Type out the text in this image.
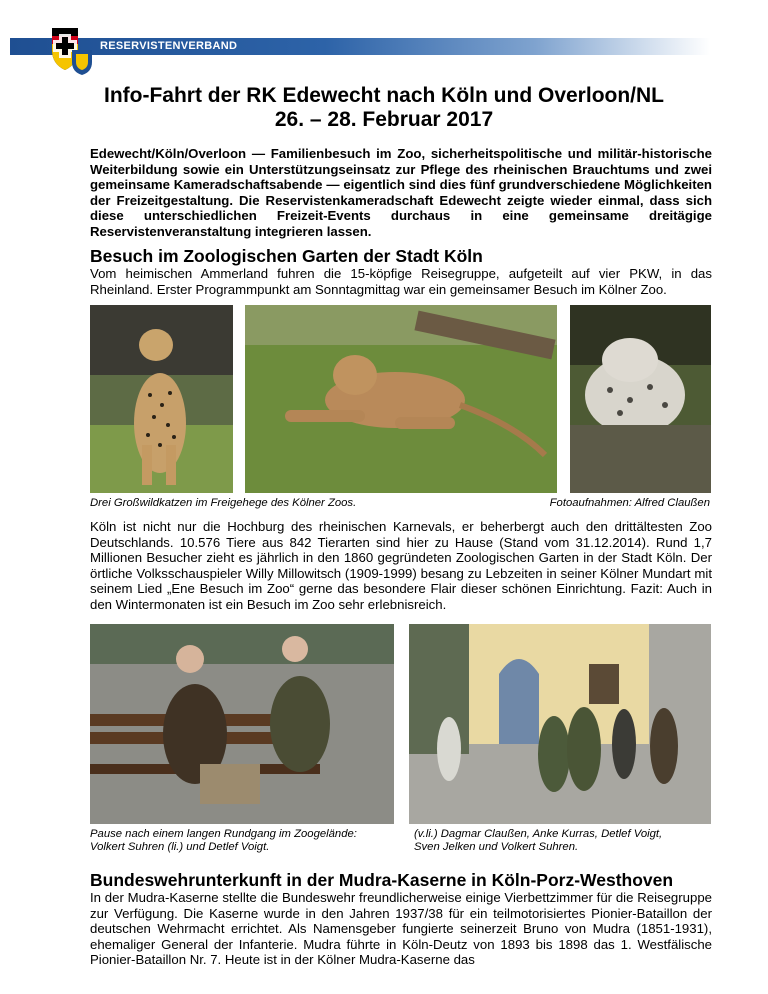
RESERVISTENVERBAND
Info-Fahrt der RK Edewecht nach Köln und Overloon/NL
26. – 28. Februar 2017

Edewecht/Köln/Overloon — Familienbesuch im Zoo, sicherheitspolitische und militär-historische Weiterbildung sowie ein Unterstützungseinsatz zur Pflege des rheinischen Brauchtums und zwei gemeinsame Kameradschaftsabende — eigentlich sind dies fünf grundverschiedene Möglichkeiten der Freizeitgestaltung. Die Reservistenkameradschaft Edewecht zeigte wieder einmal, dass sich diese unterschiedlichen Freizeit-Events durchaus in eine gemeinsame dreitägige Reservistenveranstaltung integrieren lassen.

Besuch im Zoologischen Garten der Stadt Köln

Vom heimischen Ammerland fuhren die 15-köpfige Reisegruppe, aufgeteilt auf vier PKW, in das Rheinland. Erster Programmpunkt am Sonntagmittag war ein gemeinsamer Besuch im Kölner Zoo.

Drei Großwildkatzen im Freigehege des Kölner Zoos.	Fotoaufnahmen: Alfred Claußen

Köln ist nicht nur die Hochburg des rheinischen Karnevals, er beherbergt auch den drittältesten Zoo Deutschlands. 10.576 Tiere aus 842 Tierarten sind hier zu Hause (Stand vom 31.12.2014). Rund 1,7 Millionen Besucher zieht es jährlich in den 1860 gegründeten Zoologischen Garten in der Stadt Köln. Der örtliche Volksschauspieler Willy Millowitsch (1909-1999) besang zu Lebzeiten in seiner Kölner Mundart mit seinem Lied „Ene Besuch im Zoo“ gerne das besondere Flair dieser schönen Einrichtung. Fazit: Auch in den Wintermonaten ist ein Besuch im Zoo sehr erlebnisreich.

Pause nach einem langen Rundgang im Zoogelände:
Volkert Suhren (li.) und Detlef Voigt.
(v.li.) Dagmar Claußen, Anke Kurras, Detlef Voigt,
Sven Jelken und Volkert Suhren.
Bundeswehrunterkunft in der Mudra-Kaserne in Köln-Porz-Westhoven

In der Mudra-Kaserne stellte die Bundeswehr freundlicherweise einige Vierbettzimmer für die Reisegruppe zur Verfügung. Die Kaserne wurde in den Jahren 1937/38 für ein teilmotorisiertes Pionier-Bataillon der deutschen Wehrmacht errichtet. Als Namensgeber fungierte seinerzeit Bruno von Mudra (1851-1931), ehemaliger General der Infanterie. Mudra führte in Köln-Deutz von 1893 bis 1898 das 1. Westfälische Pionier-Bataillon Nr. 7. Heute ist in der Kölner Mudra-Kaserne das
